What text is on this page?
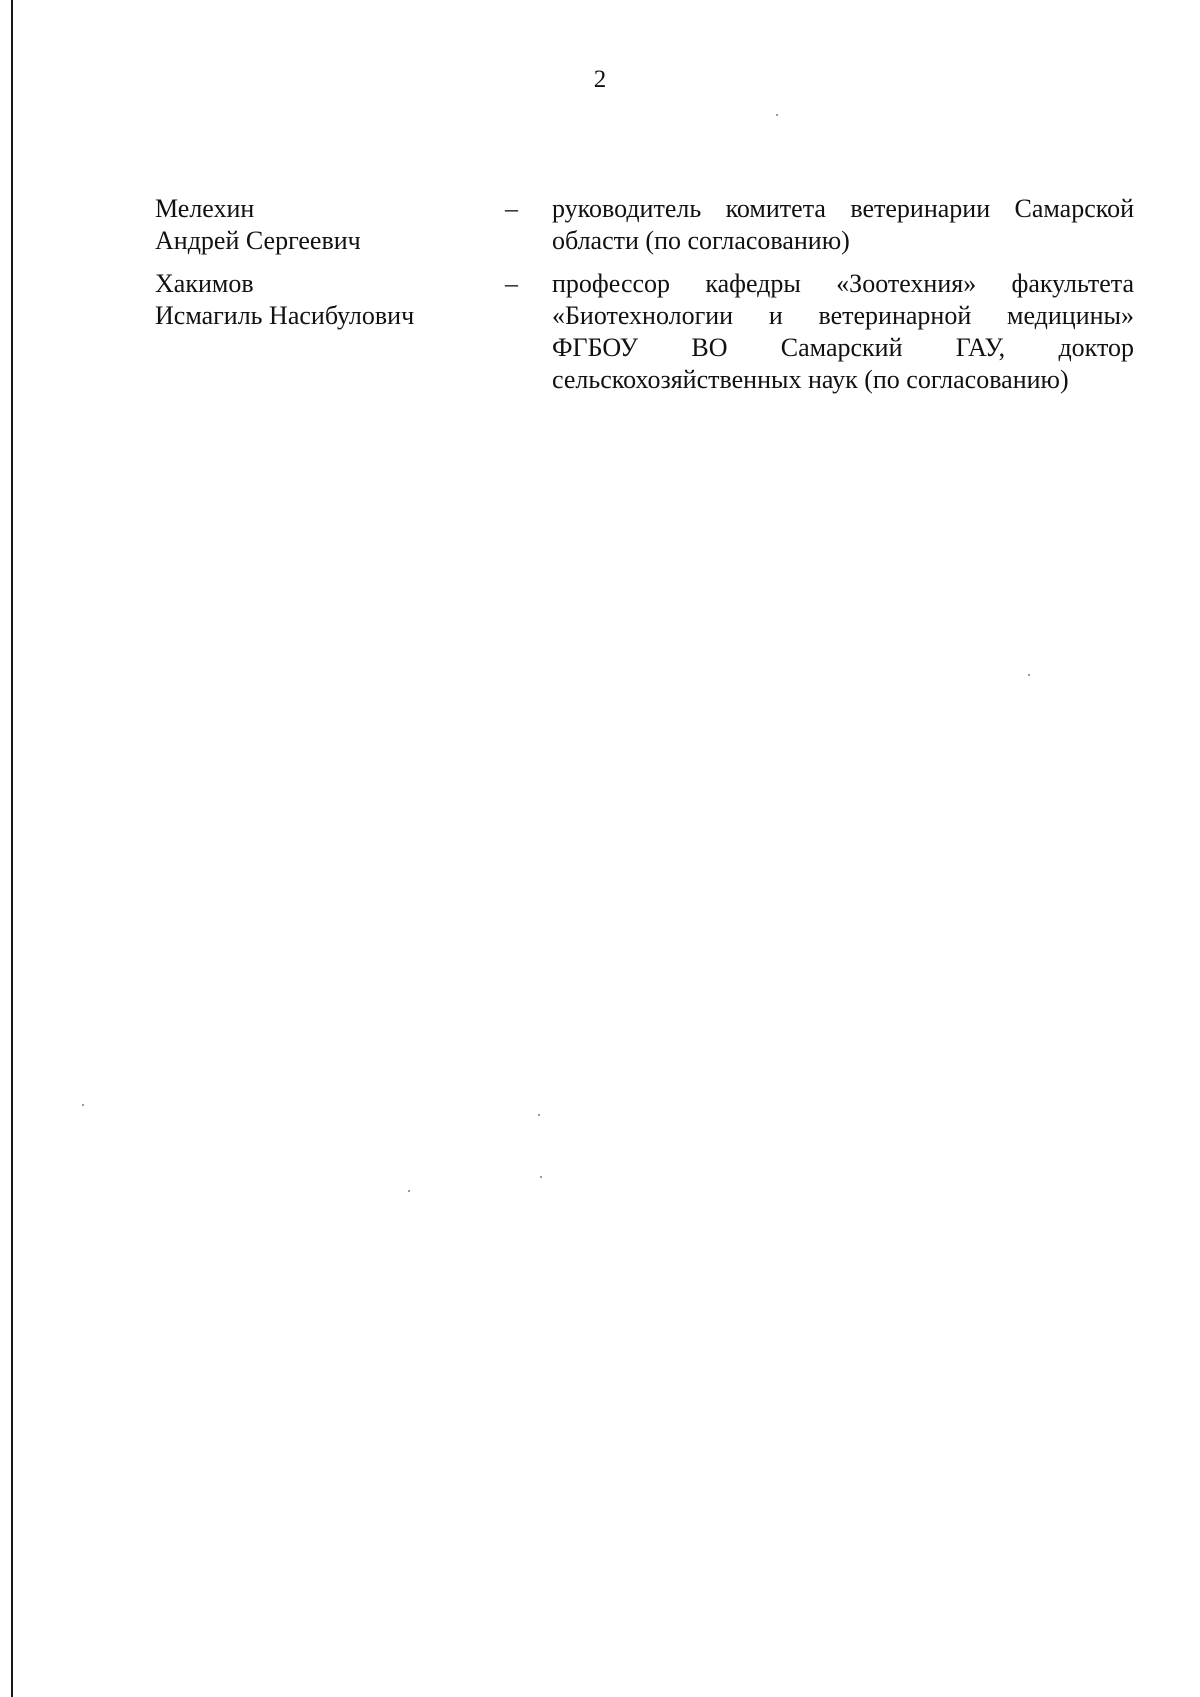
2
Мелехин
Андрей Сергеевич
–	руководитель комитета ветеринарии Самарской области (по согласованию)
Хакимов
Исмагиль Насибулович
–	профессор кафедры «Зоотехния» факультета «Биотехнологии и ветеринарной медицины» ФГБОУ ВО Самарский ГАУ, доктор сельскохозяйственных наук (по согласованию)
